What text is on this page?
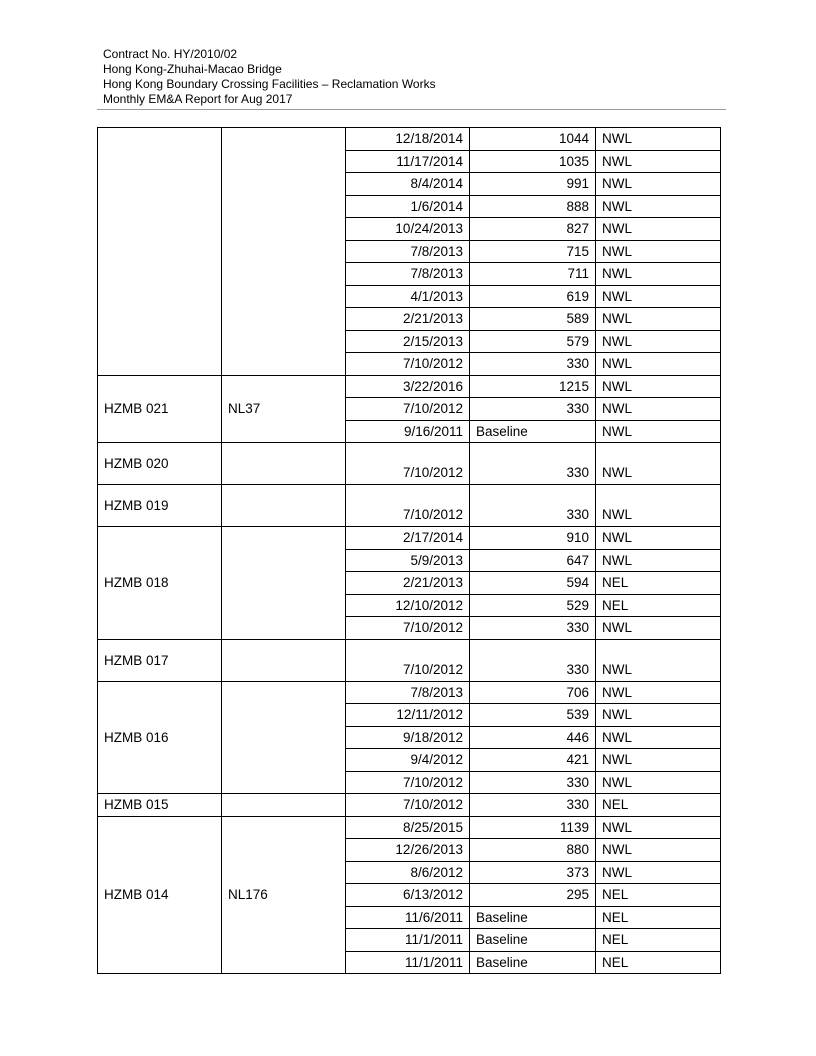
Contract No. HY/2010/02
Hong Kong-Zhuhai-Macao Bridge
Hong Kong Boundary Crossing Facilities – Reclamation Works
Monthly EM&A Report for Aug 2017
		12/18/2014	1044	NWL
		11/17/2014	1035	NWL
		8/4/2014	991	NWL
		1/6/2014	888	NWL
		10/24/2013	827	NWL
		7/8/2013	715	NWL
		7/8/2013	711	NWL
		4/1/2013	619	NWL
		2/21/2013	589	NWL
		2/15/2013	579	NWL
		7/10/2012	330	NWL
HZMB 021	NL37	3/22/2016	1215	NWL
		7/10/2012	330	NWL
		9/16/2011	Baseline	NWL
HZMB 020		7/10/2012	330	NWL
HZMB 019		7/10/2012	330	NWL
HZMB 018		2/17/2014	910	NWL
		5/9/2013	647	NWL
		2/21/2013	594	NEL
		12/10/2012	529	NEL
		7/10/2012	330	NWL
HZMB 017		7/10/2012	330	NWL
HZMB 016		7/8/2013	706	NWL
		12/11/2012	539	NWL
		9/18/2012	446	NWL
		9/4/2012	421	NWL
		7/10/2012	330	NWL
HZMB 015		7/10/2012	330	NEL
HZMB 014	NL176	8/25/2015	1139	NWL
		12/26/2013	880	NWL
		8/6/2012	373	NWL
		6/13/2012	295	NEL
		11/6/2011	Baseline	NEL
		11/1/2011	Baseline	NEL
		11/1/2011	Baseline	NEL
